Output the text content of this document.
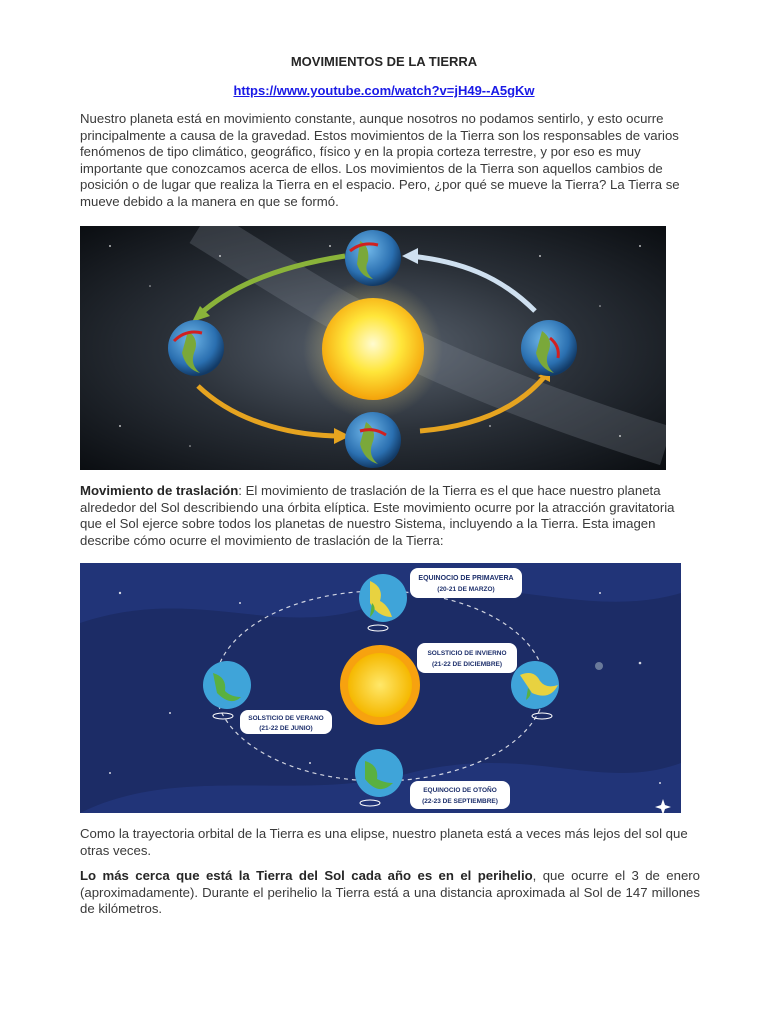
MOVIMIENTOS DE LA TIERRA
https://www.youtube.com/watch?v=jH49--A5gKw
Nuestro planeta está en movimiento constante, aunque nosotros no podamos sentirlo, y esto ocurre principalmente a causa de la gravedad. Estos movimientos de la Tierra son los responsables de varios fenómenos de tipo climático, geográfico, físico y en la propia corteza terrestre, y por eso es muy importante que conozcamos acerca de ellos. Los movimientos de la Tierra son aquellos cambios de posición o de lugar que realiza la Tierra en el espacio. Pero, ¿por qué se mueve la Tierra? La Tierra se mueve debido a la manera en que se formó.
Movimiento de traslación: El movimiento de traslación de la Tierra es el que hace nuestro planeta alrededor del Sol describiendo una órbita elíptica. Este movimiento ocurre por la atracción gravitatoria que el Sol ejerce sobre todos los planetas de nuestro Sistema, incluyendo a la Tierra. Esta imagen describe cómo ocurre el movimiento de traslación de la Tierra:
EQUINOCIO DE PRIMAVERA
(20-21 DE MARZO)
SOLSTICIO DE INVIERNO
(21-22 DE DICIEMBRE)
SOLSTICIO DE VERANO
(21-22 DE JUNIO)
EQUINOCIO DE OTOÑO
(22-23 DE SEPTIEMBRE)
Como la trayectoria orbital de la Tierra es una elipse, nuestro planeta está a veces más lejos del sol que otras veces.
Lo más cerca que está la Tierra del Sol cada año es en el perihelio, que ocurre el 3 de enero (aproximadamente). Durante el perihelio la Tierra está a una distancia aproximada al Sol de 147 millones de kilómetros.
